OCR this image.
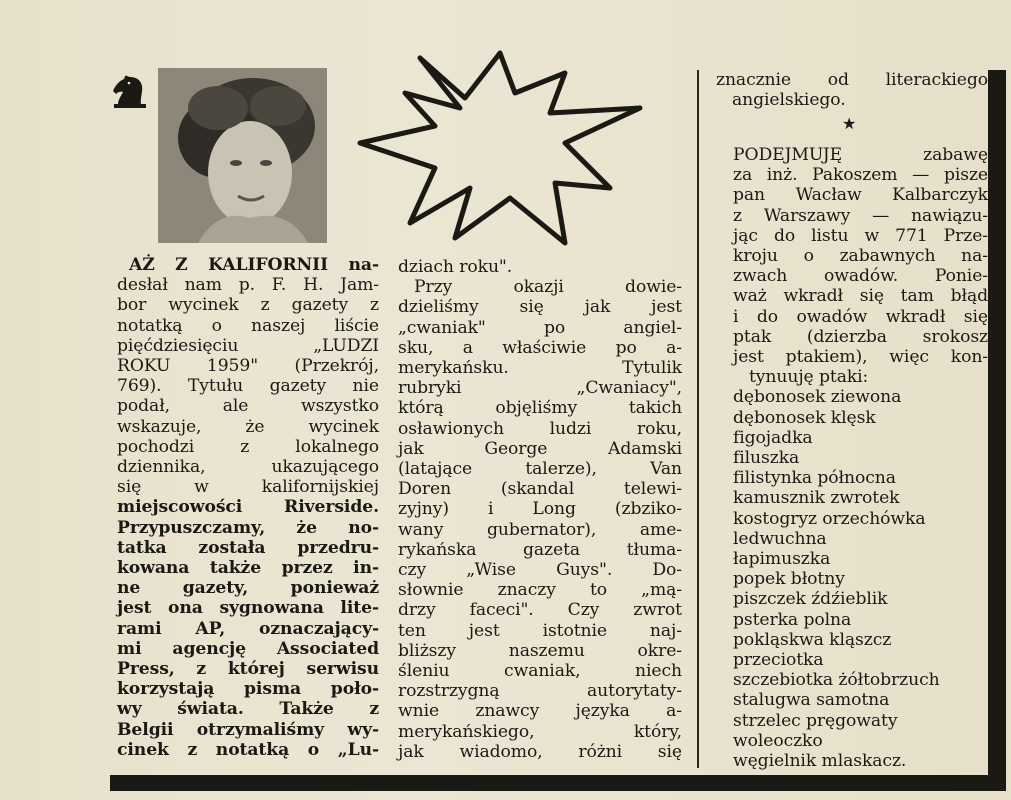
AŻ Z KALIFORNII na-
desłał nam p. F. H. Jam-
bor wycinek z gazety z
notatką o naszej liście
pięćdziesięciu „LUDZI
ROKU 1959" (Przekrój,
769). Tytułu gazety nie
podał, ale wszystko
wskazuje, że wycinek
pochodzi z lokalnego
dziennika, ukazującego
się w kalifornijskiej
miejscowości Riverside.
Przypuszczamy, że no-
tatka została przedru-
kowana także przez in-
ne gazety, ponieważ
jest ona sygnowana lite-
rami AP, oznaczający-
mi agencję Associated
Press, z której serwisu
korzystają pisma poło-
wy świata. Także z
Belgii otrzymaliśmy wy-
cinek z notatką o „Lu-
dziach roku".
Przy okazji dowie-
dzieliśmy się jak jest
„cwaniak" po angiel-
sku, a właściwie po a-
merykańsku. Tytulik
rubryki „Cwaniacy",
którą objęliśmy takich
osławionych ludzi roku,
jak George Adamski
(latające talerze), Van
Doren (skandal telewi-
zyjny) i Long (zbziko-
wany gubernator), ame-
rykańska gazeta tłuma-
czy „Wise Guys". Do-
słownie znaczy to „mą-
drzy faceci". Czy zwrot
ten jest istotnie naj-
bliższy naszemu okre-
śleniu cwaniak, niech
rozstrzygną autorytaty-
wnie znawcy języka a-
merykańskiego, który,
jak wiadomo, różni się
znacznie od literackiego
angielskiego.
★
PODEJMUJĘ zabawę
za inż. Pakoszem — pisze
pan Wacław Kalbarczyk
z Warszawy — nawiązu-
jąc do listu w 771 Prze-
kroju o zabawnych na-
zwach owadów. Ponie-
waż wkradł się tam błąd
i do owadów wkradł się
ptak (dzierzba srokosz
jest ptakiem), więc kon-
tynuuję ptaki:
dębonosek ziewona
dębonosek klęsk
figojadka
filuszka
filistynka północna
kamusznik zwrotek
kostogryz orzechówka
ledwuchna
łapimuszka
popek błotny
piszczek źdźieblik
psterka polna
pokląskwa kląszcz
przeciotka
szczebiotka żółtobrzuch
stalugwa samotna
strzelec pręgowaty
woleoczko
węgielnik mlaskacz.
